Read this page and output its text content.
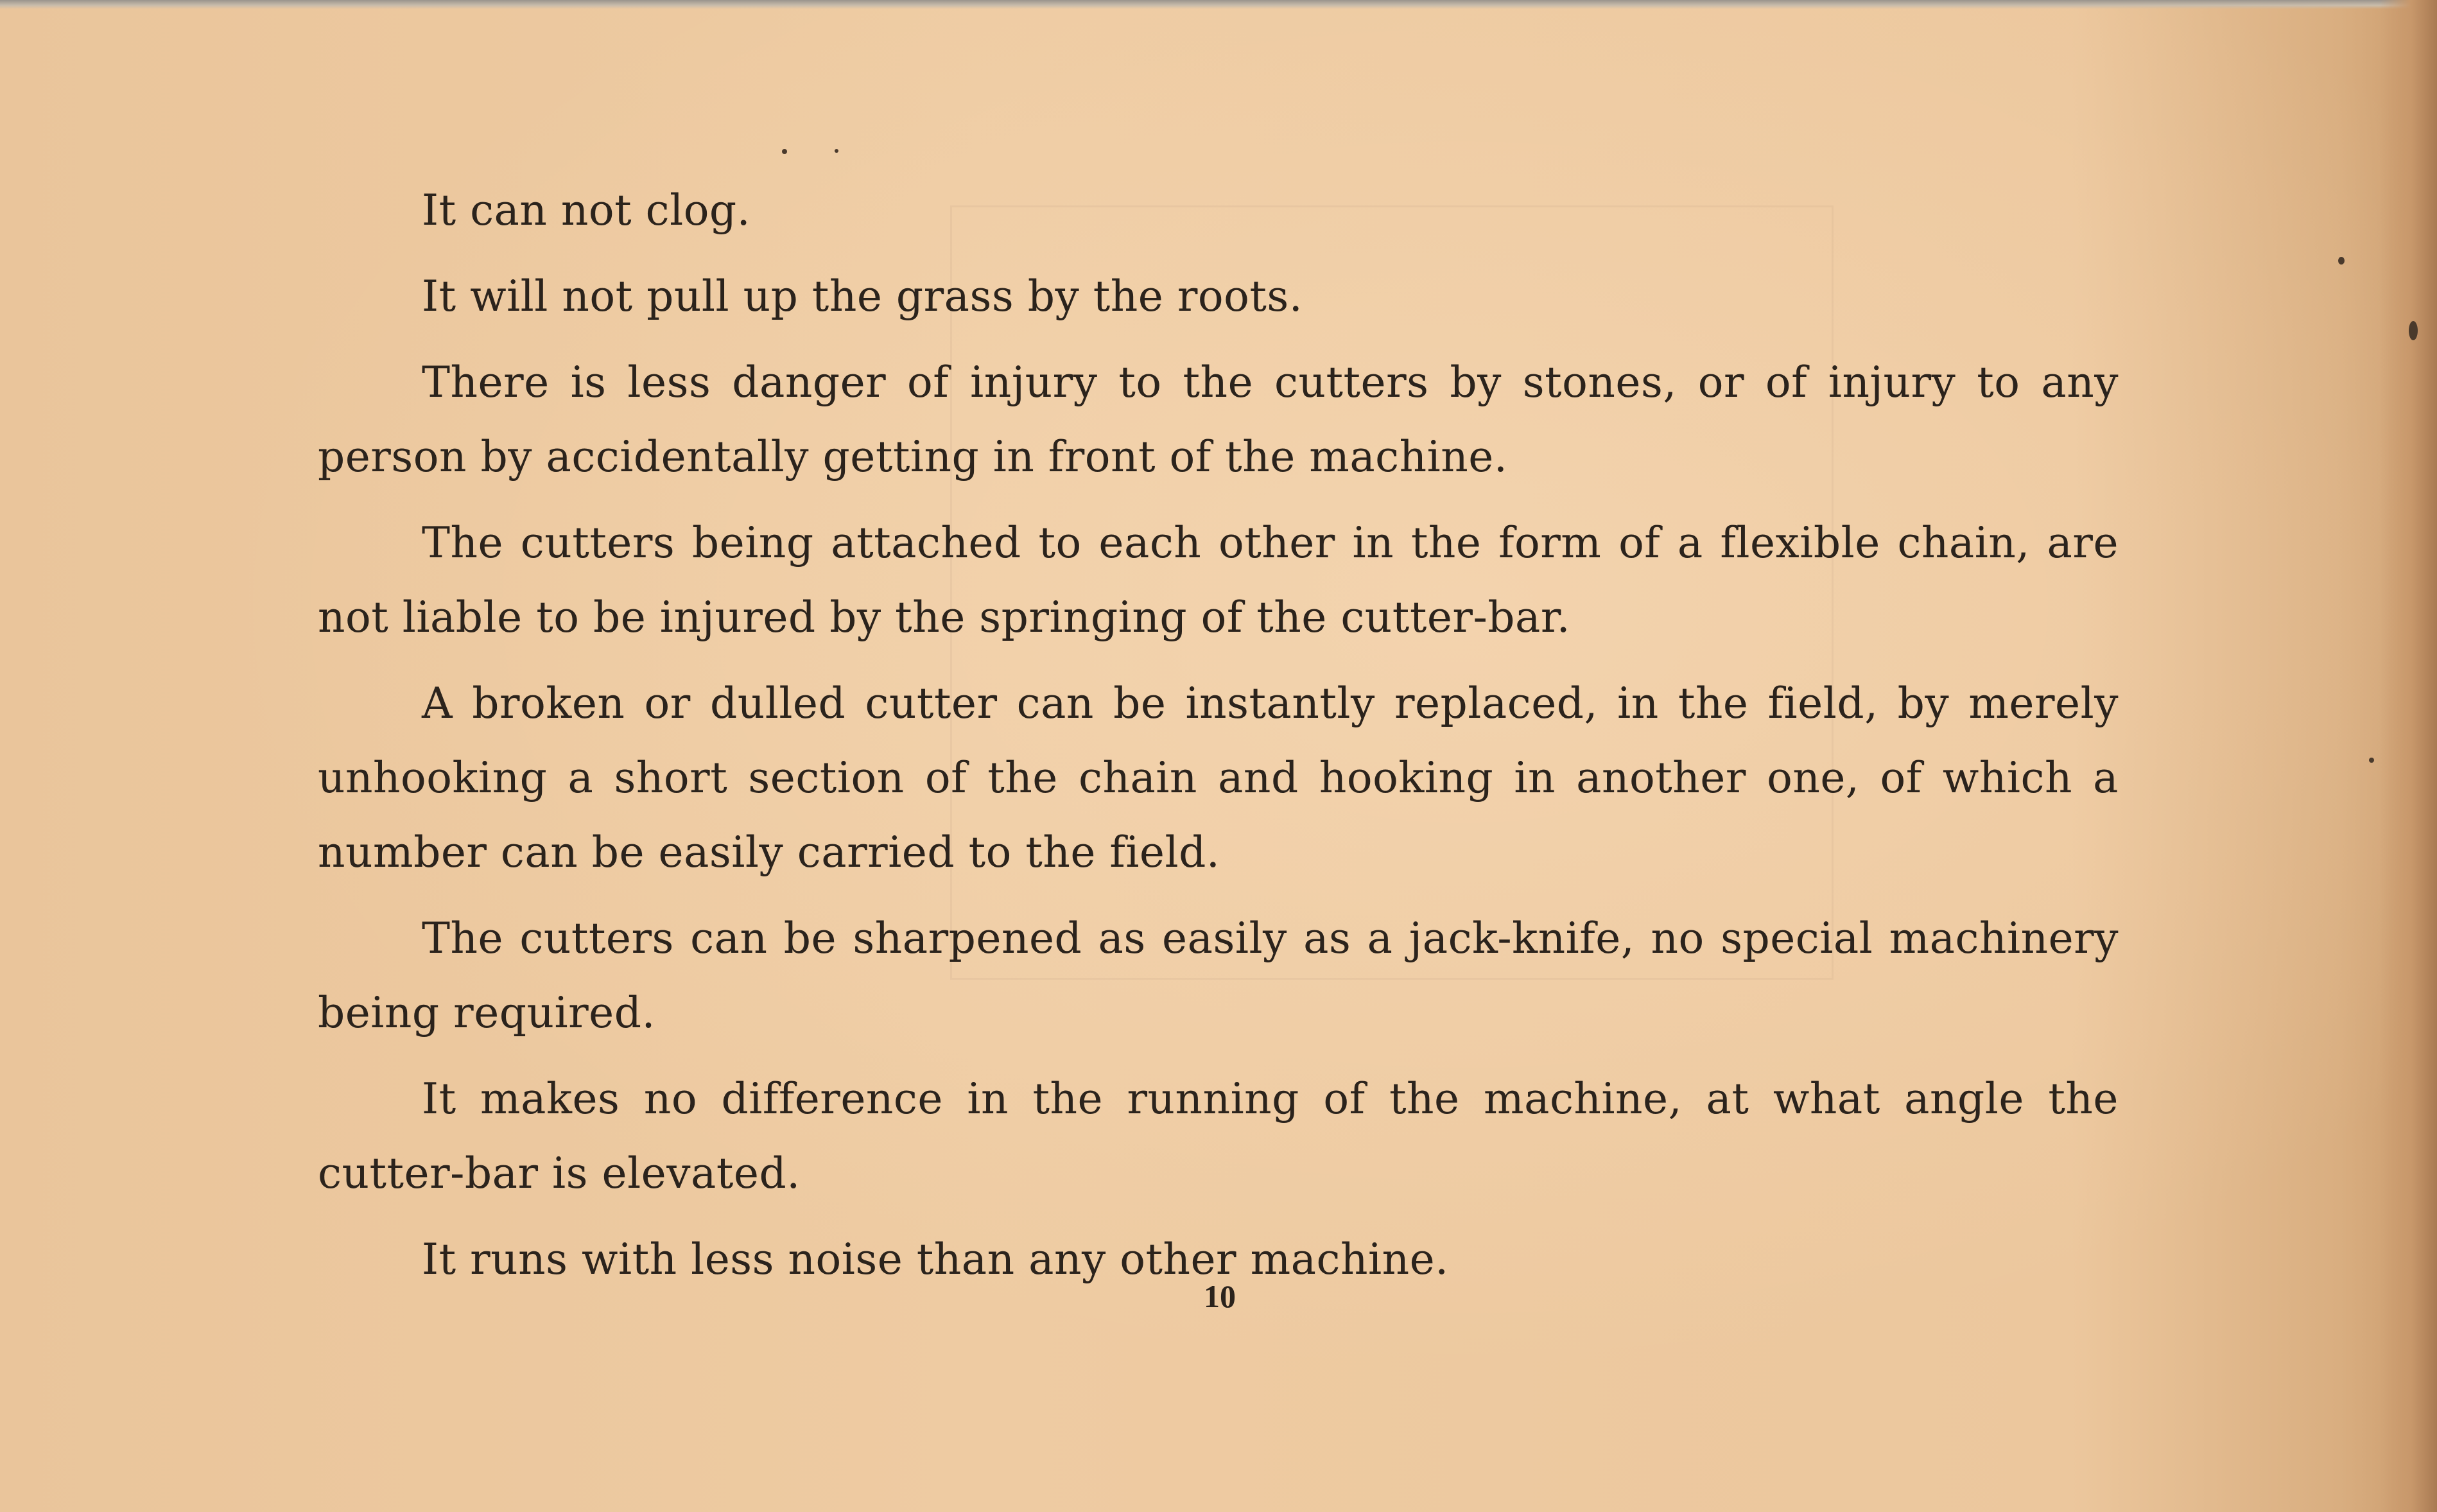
It can not clog.

It will not pull up the grass by the roots.

There is less danger of injury to the cutters by stones, or of injury to any person by accidentally getting in front of the machine.

The cutters being attached to each other in the form of a flexible chain, are not liable to be injured by the springing of the cutter-bar.

A broken or dulled cutter can be instantly replaced, in the field, by merely unhooking a short section of the chain and hooking in another one, of which a number can be easily carried to the field.

The cutters can be sharpened as easily as a jack-knife, no special machinery being required.

It makes no difference in the running of the machine, at what angle the cutter-bar is elevated.

It runs with less noise than any other machine.

10
